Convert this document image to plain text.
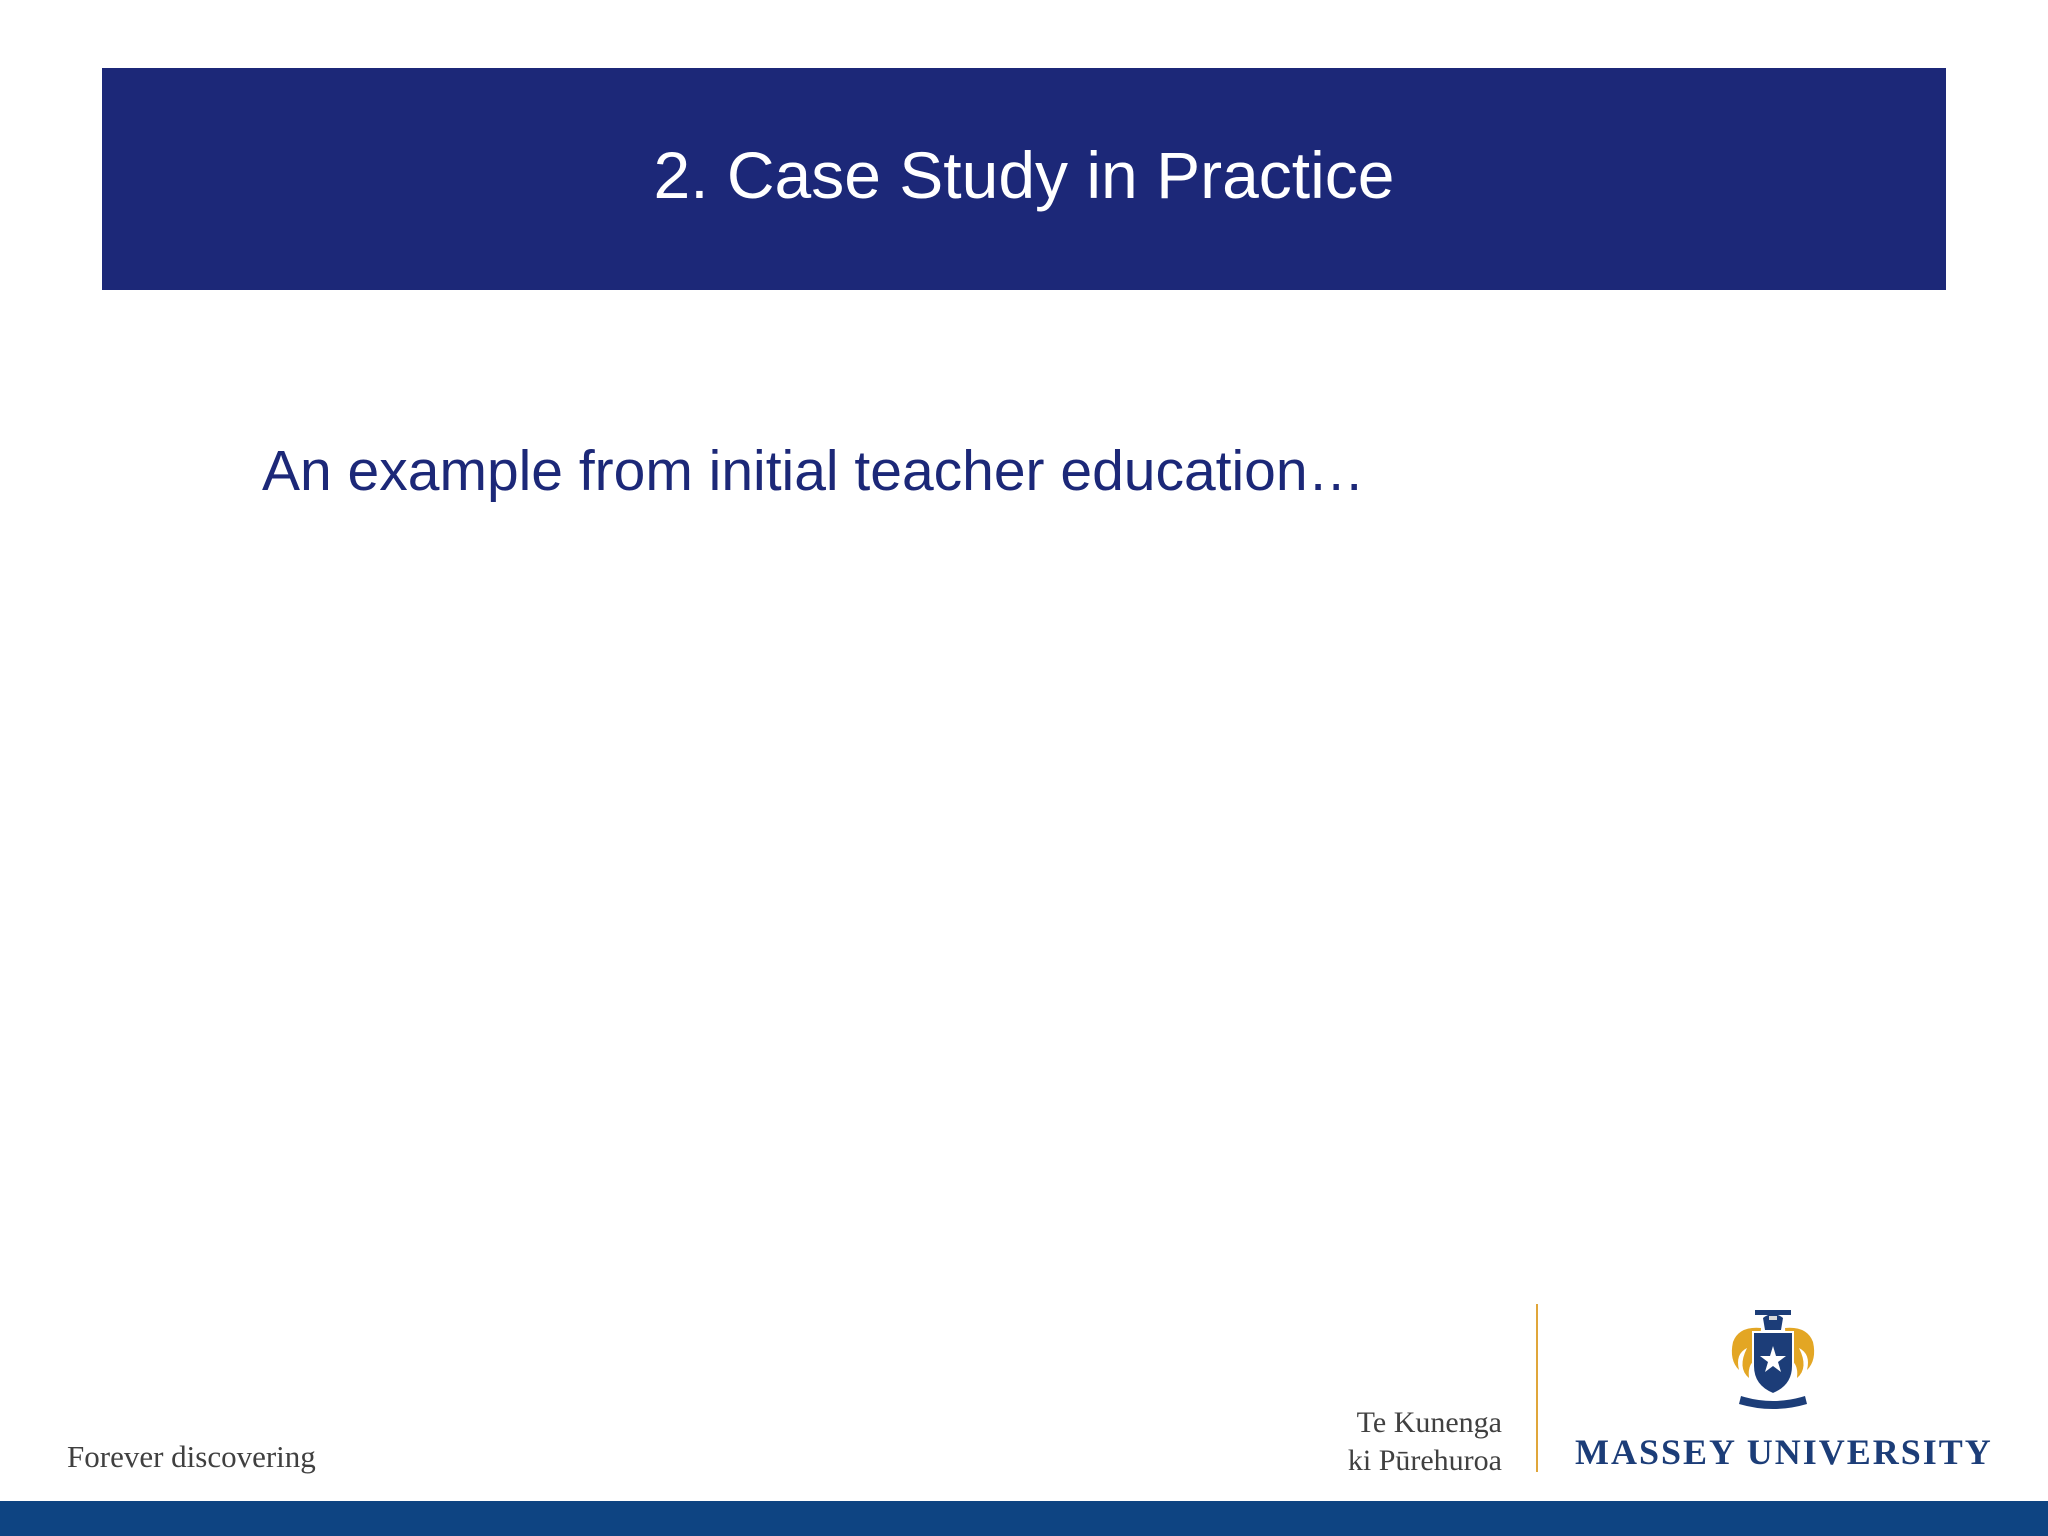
2. Case Study in Practice

An example from initial teacher education…

Forever discovering
Te Kunenga
ki Pūrehuroa MASSEY UNIVERSITY
